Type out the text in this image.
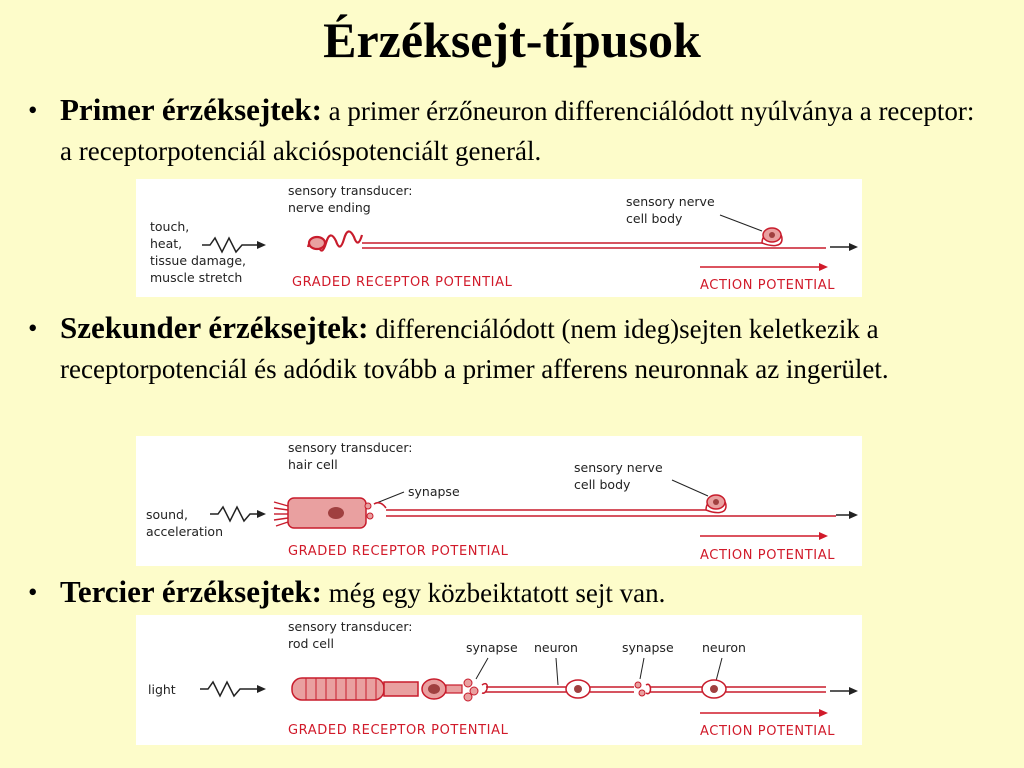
Érzéksejt-típusok
• Primer érzéksejtek: a primer érzőneuron differenciálódott nyúlványa a receptor: a receptorpotenciál akcióspotenciált generál.
touch,
heat,
tissue damage,
muscle stretch
sensory transducer:
nerve ending	sensory nerve
cell body
GRADED RECEPTOR POTENTIAL	ACTION POTENTIAL
• Szekunder érzéksejtek: differenciálódott (nem ideg)sejten keletkezik a receptorpotenciál és adódik tovább a primer afferens neuronnak az ingerület.
sound,
acceleration
sensory transducer:
hair cell
synapse
sensory nerve
cell body
GRADED RECEPTOR POTENTIAL	ACTION POTENTIAL
• Tercier érzéksejtek: még egy közbeiktatott sejt van.
light
sensory transducer:
rod cell	synapse neuron	synapse neuron
GRADED RECEPTOR POTENTIAL	ACTION POTENTIAL
